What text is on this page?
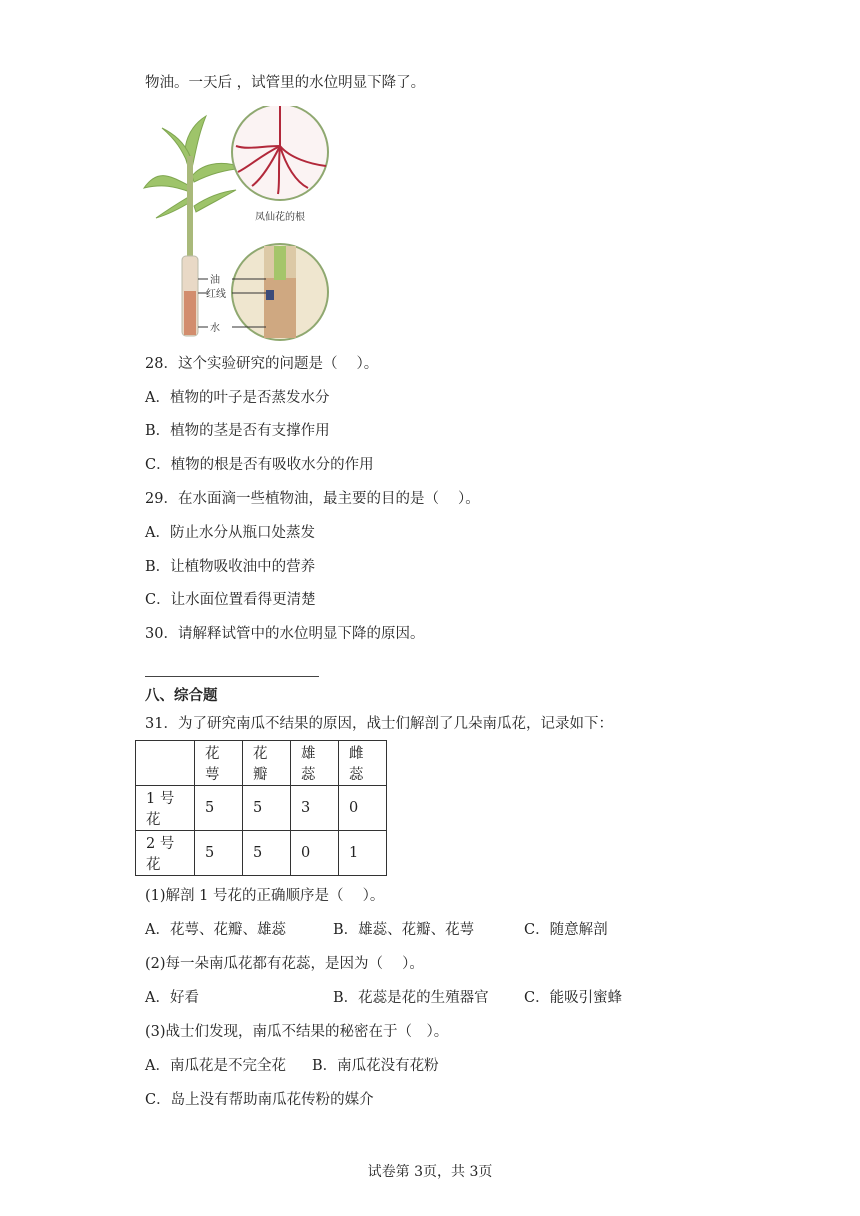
物油。一天后 ，试管里的水位明显下降了。
凤仙花的根
油
红线
水
28．这个实验研究的问题是（　 ）。
A．植物的叶子是否蒸发水分
B．植物的茎是否有支撑作用
C．植物的根是否有吸收水分的作用
29．在水面滴一些植物油，最主要的目的是（　 ）。
A．防止水分从瓶口处蒸发
B．让植物吸收油中的营养
C．让水面位置看得更清楚
30．请解释试管中的水位明显下降的原因。
八、综合题
31．为了研究南瓜不结果的原因，战士们解剖了几朵南瓜花，记录如下：
	花萼	花瓣	雄蕊	雌蕊
1 号花	5	5	3	0
2 号花	5	5	0	1
(1)解剖 1 号花的正确顺序是（　 ）。
A．花萼、花瓣、雄蕊	B．雄蕊、花瓣、花萼	C．随意解剖
(2)每一朵南瓜花都有花蕊，是因为（　 ）。
A．好看	B．花蕊是花的生殖器官 C．能吸引蜜蜂
(3)战士们发现，南瓜不结果的秘密在于（　）。
A．南瓜花是不完全花 B．南瓜花没有花粉
C．岛上没有帮助南瓜花传粉的媒介
试卷第 3页，共 3页
